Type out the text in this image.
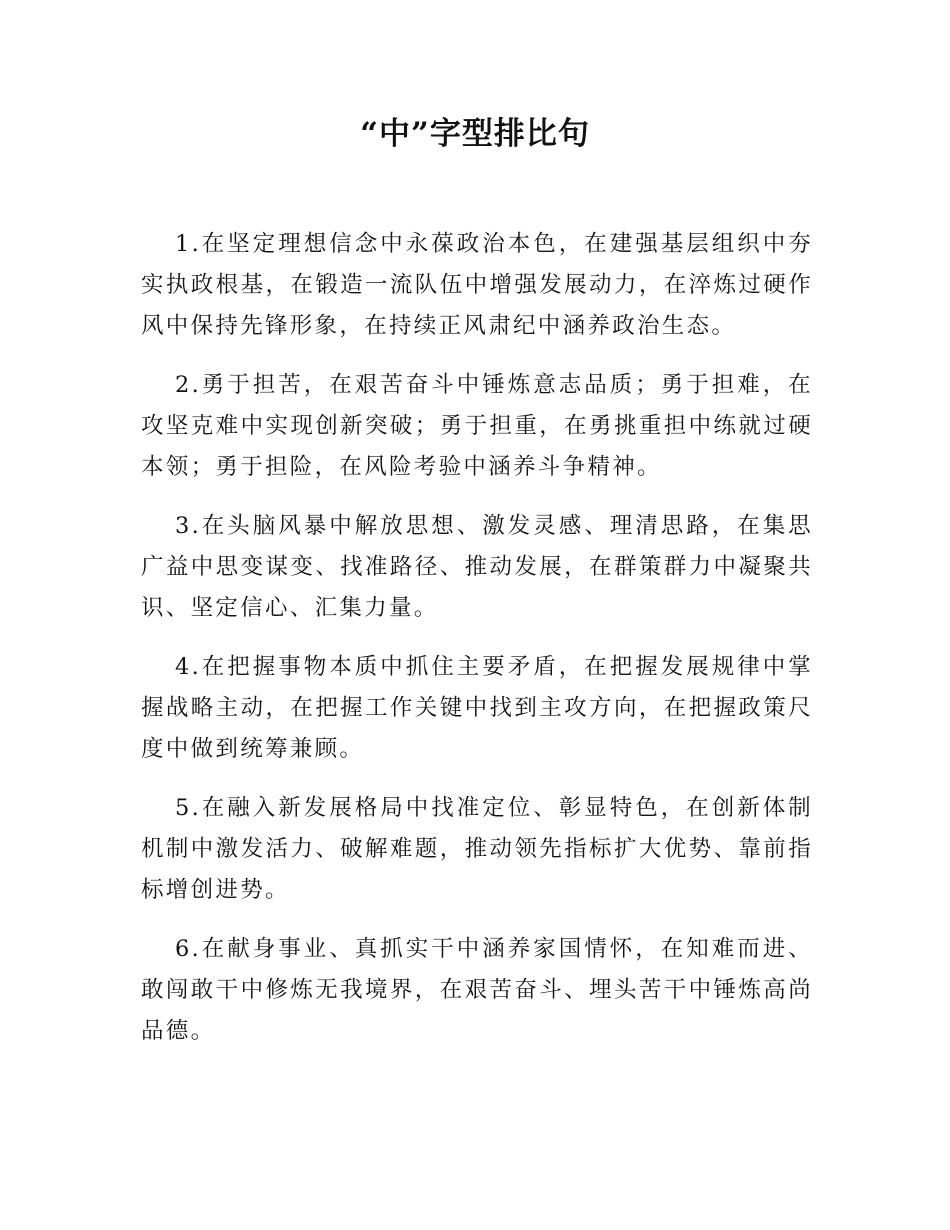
“中”字型排比句

1.在坚定理想信念中永葆政治本色，在建强基层组织中夯实执政根基，在锻造一流队伍中增强发展动力，在淬炼过硬作风中保持先锋形象，在持续正风肃纪中涵养政治生态。

2.勇于担苦，在艰苦奋斗中锤炼意志品质；勇于担难，在攻坚克难中实现创新突破；勇于担重，在勇挑重担中练就过硬本领；勇于担险，在风险考验中涵养斗争精神。

3.在头脑风暴中解放思想、激发灵感、理清思路，在集思广益中思变谋变、找准路径、推动发展，在群策群力中凝聚共识、坚定信心、汇集力量。

4.在把握事物本质中抓住主要矛盾，在把握发展规律中掌握战略主动，在把握工作关键中找到主攻方向，在把握政策尺度中做到统筹兼顾。

5.在融入新发展格局中找准定位、彰显特色，在创新体制机制中激发活力、破解难题，推动领先指标扩大优势、靠前指标增创进势。

6.在献身事业、真抓实干中涵养家国情怀，在知难而进、敢闯敢干中修炼无我境界，在艰苦奋斗、埋头苦干中锤炼高尚品德。
